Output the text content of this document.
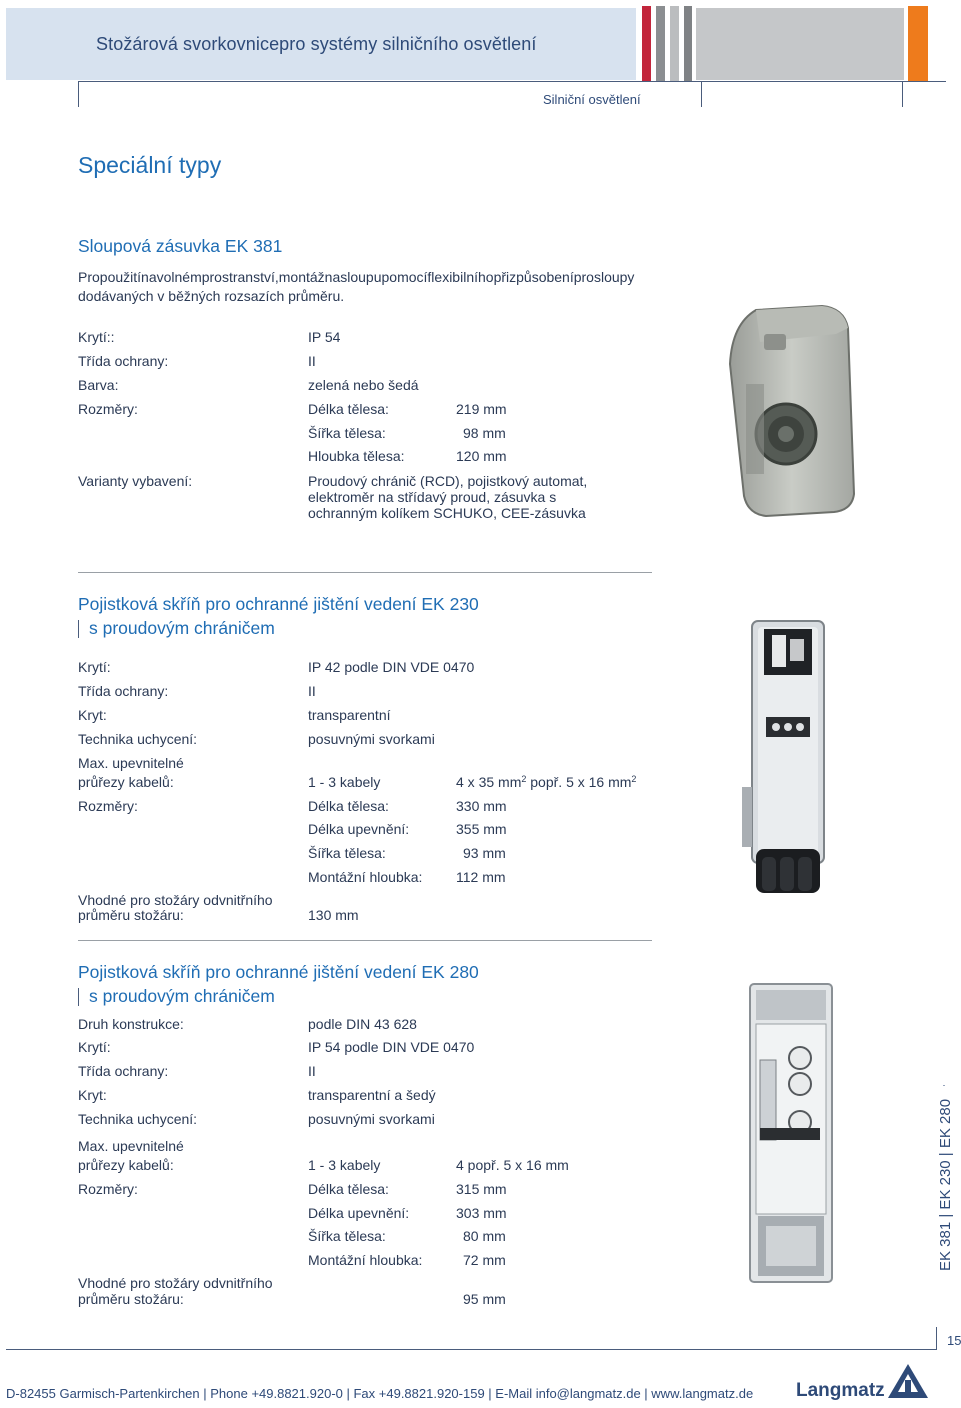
Stožárová svorkovnicepro systémy silničního osvětlení
Silniční osvětlení
Speciální typy
Sloupová zásuvka EK 381
Propoužitínavolnémprostranství,montážnasloupupomocíflexibilníhopřizpůsobeníprosloupy
dodávaných v běžných rozsazích průměru.
Krytí::	IP 54
Třída ochrany:	II
Barva:	zelená nebo šedá
Rozměry:	Délka tělesa:	219 mm
Šířka tělesa:	98 mm
Hloubka tělesa:	120 mm
Varianty vybavení:	Proudový chránič (RCD), pojistkový automat,
elektroměr na střídavý proud, zásuvka s
ochranným kolíkem SCHUKO, CEE-zásuvka
Pojistková skříň pro ochranné jištění vedení EK 230
s proudovým chráničem
Krytí:	IP 42 podle DIN VDE 0470
Třída ochrany:	II
Kryt:	transparentní
Technika uchycení:	posuvnými svorkami
Max. upevnitelné
průřezy kabelů:	1 - 3 kabely	4 x 35 $mm^2$ popř. 5 x 16 $mm^2$
Rozměry:	Délka tělesa:	330 mm
Délka upevnění:	355 mm
Šířka tělesa:	93 mm
Montážní hloubka: 112 mm
Vhodné pro stožáry odvnitřního
průměru stožáru:	130 mm
Pojistková skříň pro ochranné jištění vedení EK 280
s proudovým chráničem
Druh konstrukce:	podle DIN 43 628
Krytí:	IP 54 podle DIN VDE 0470
Třída ochrany:	II
Kryt:	transparentní a šedý
Technika uchycení:	posuvnými svorkami
Max. upevnitelné
průřezy kabelů:	1 - 3 kabely	4 popř. 5 x 16 mm
Rozměry:	Délka tělesa:	315 mm
Délka upevnění:	303 mm
Šířka tělesa:	80 mm
Montážní hloubka:	72 mm
Vhodné pro stožáry odvnitřního
průměru stožáru:	95 mm
EK 381 | EK 230 | EK 280
15
D-82455 Garmisch-Partenkirchen | Phone +49.8821.920-0 | Fax +49.8821.920-159 | E-Mail info@langmatz.de | www.langmatz.de Langmatz
